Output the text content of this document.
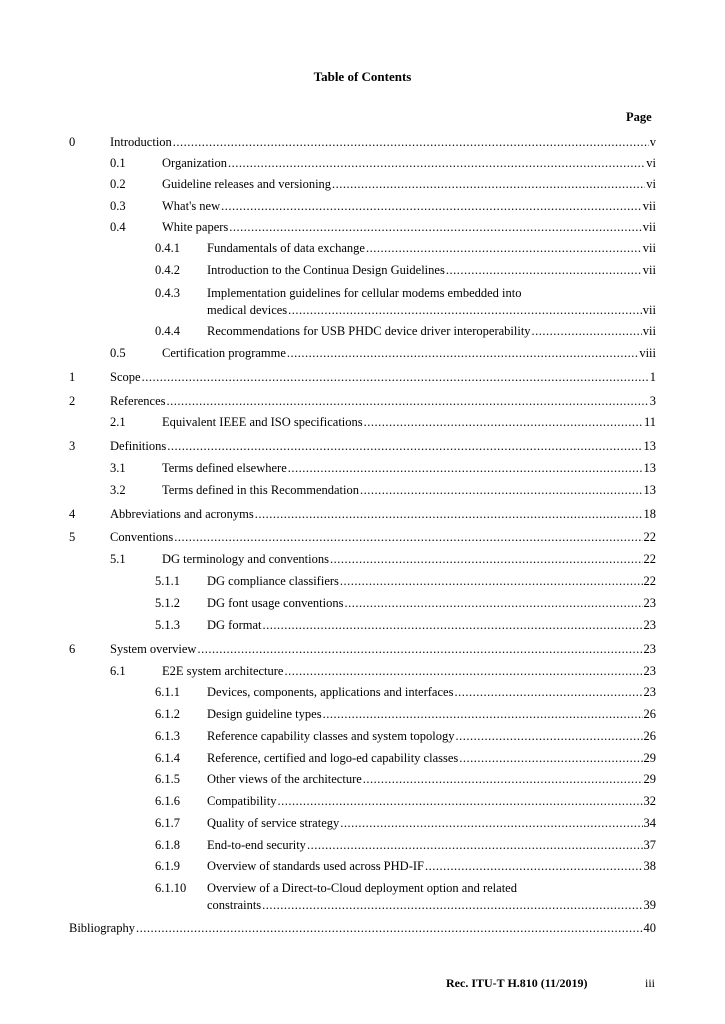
Table of Contents
Page
0	Introduction .....	v
0.1	Organization .....	vi
0.2	Guideline releases and versioning .....	vi
0.3	What's new .....	vii
0.4	White papers .....	vii
0.4.1 Fundamentals of data exchange .....	vii
0.4.2 Introduction to the Continua Design Guidelines .....	vii
0.4.3 Implementation guidelines for cellular modems embedded into
medical devices .....	vii
0.4.4 Recommendations for USB PHDC device driver interoperability .....	vii
0.5	Certification programme .....	viii
1	Scope .....	1
2	References .....	3
2.1	Equivalent IEEE and ISO specifications .....	11
3	Definitions .....	13
3.1	Terms defined elsewhere .....	13
3.2	Terms defined in this Recommendation .....	13
4	Abbreviations and acronyms .....	18
5	Conventions .....	22
5.1	DG terminology and conventions .....	22
5.1.1 DG compliance classifiers .....	22
5.1.2 DG font usage conventions .....	23
5.1.3 DG format .....	23
6	System overview .....	23
6.1	E2E system architecture .....	23
6.1.1 Devices, components, applications and interfaces .....	23
6.1.2 Design guideline types .....	26
6.1.3 Reference capability classes and system topology .....	26
6.1.4 Reference, certified and logo-ed capability classes .....	29
6.1.5 Other views of the architecture .....	29
6.1.6 Compatibility .....	32
6.1.7 Quality of service strategy .....	34
6.1.8 End-to-end security .....	37
6.1.9 Overview of standards used across PHD-IF .....	38
6.1.10 Overview of a Direct-to-Cloud deployment option and related
constraints .....	39
Bibliography .....	40
Rec. ITU-T H.810 (11/2019)	iii
